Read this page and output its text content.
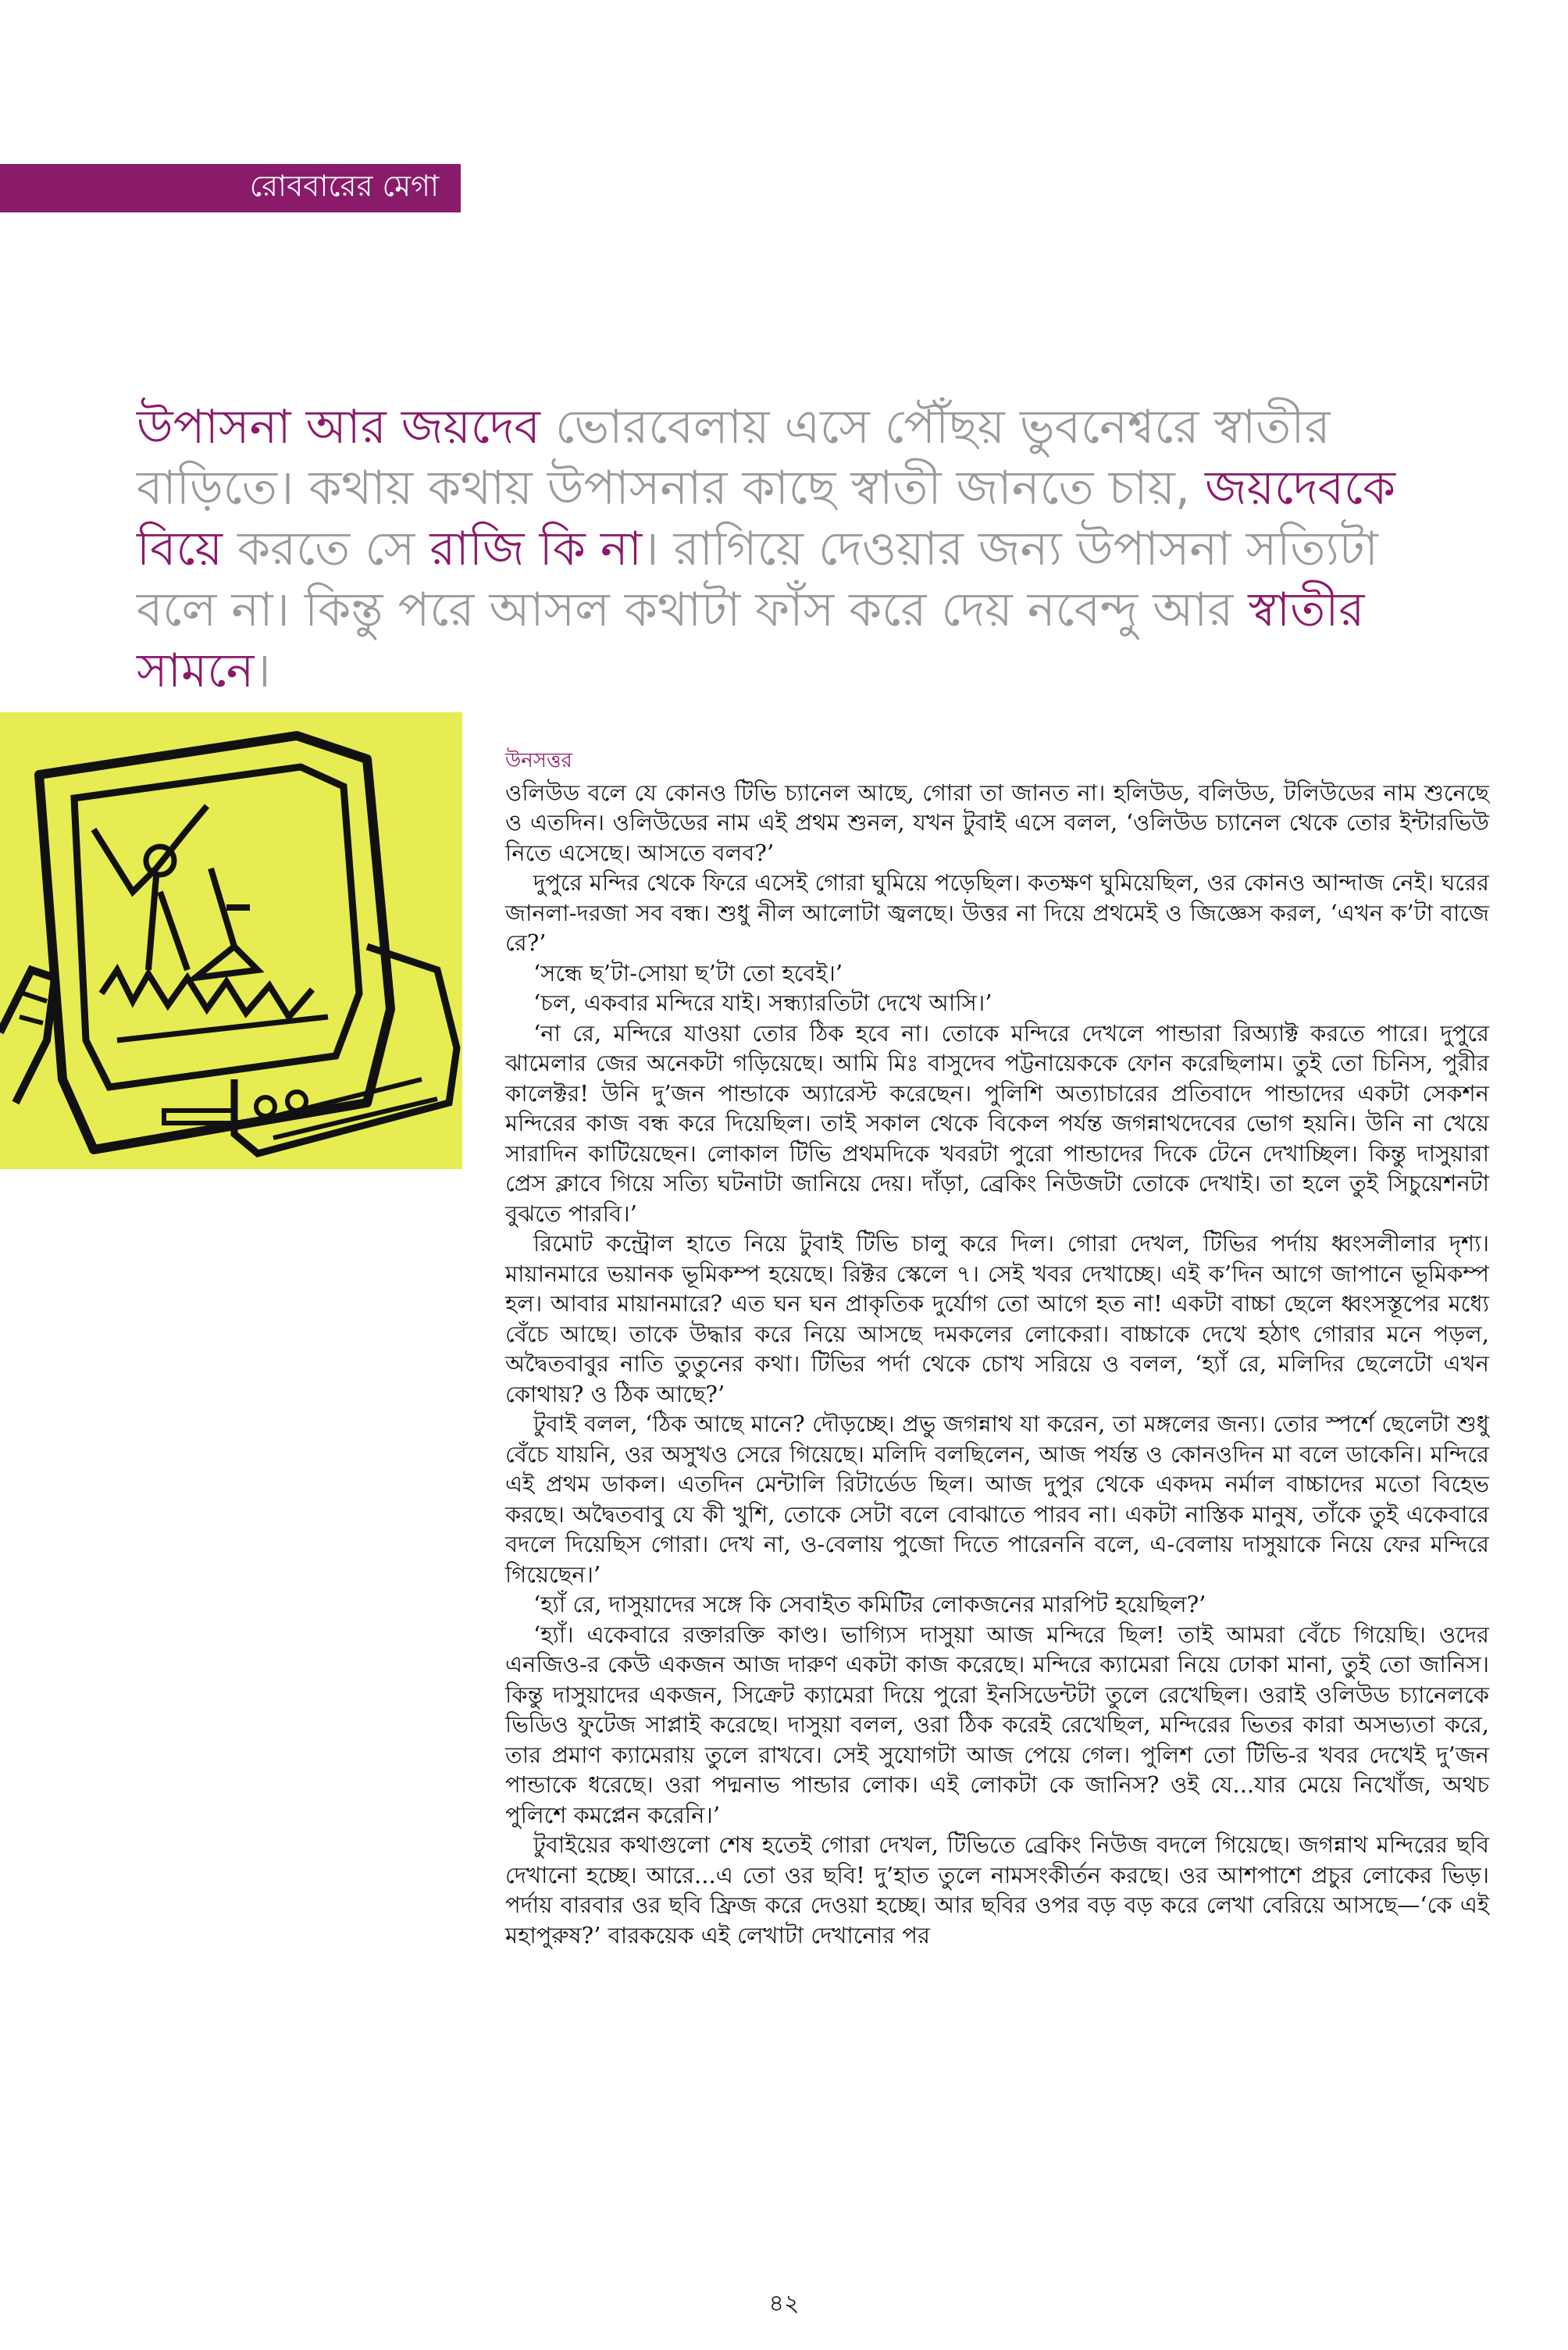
রোববারের মেগা
উপাসনা আর জয়দেব ভোরবেলায় এসে পৌঁছয় ভুবনেশ্বরে স্বাতীর বাড়িতে। কথায় কথায় উপাসনার কাছে স্বাতী জানতে চায়, জয়দেবকে বিয়ে করতে সে রাজি কি না। রাগিয়ে দেওয়ার জন্য উপাসনা সত্যিটা বলে না। কিন্তু পরে আসল কথাটা ফাঁস করে দেয় নবেন্দু আর স্বাতীর সামনে।
উনসত্তর

ওলিউড বলে যে কোনও টিভি চ্যানেল আছে, গোরা তা জানত না। হলিউড, বলিউড, টলিউডের নাম শুনেছে ও এতদিন। ওলিউডের নাম এই প্রথম শুনল, যখন টুবাই এসে বলল, ‘ওলিউড চ্যানেল থেকে তোর ইন্টারভিউ নিতে এসেছে। আসতে বলব?’

দুপুরে মন্দির থেকে ফিরে এসেই গোরা ঘুমিয়ে পড়েছিল। কতক্ষণ ঘুমিয়েছিল, ওর কোনও আন্দাজ নেই। ঘরের জানলা-দরজা সব বন্ধ। শুধু নীল আলোটা জ্বলছে। উত্তর না দিয়ে প্রথমেই ও জিজ্ঞেস করল, ‘এখন ক’টা বাজে রে?’

‘সন্ধে ছ’টা-সোয়া ছ’টা তো হবেই।’

‘চল, একবার মন্দিরে যাই। সন্ধ্যারতিটা দেখে আসি।’

‘না রে, মন্দিরে যাওয়া তোর ঠিক হবে না। তোকে মন্দিরে দেখলে পান্ডারা রিঅ্যাক্ট করতে পারে। দুপুরে ঝামেলার জের অনেকটা গড়িয়েছে। আমি মিঃ বাসুদেব পট্টনায়েককে ফোন করেছিলাম। তুই তো চিনিস, পুরীর কালেক্টর! উনি দু’জন পান্ডাকে অ্যারেস্ট করেছেন। পুলিশি অত্যাচারের প্রতিবাদে পান্ডাদের একটা সেকশন মন্দিরের কাজ বন্ধ করে দিয়েছিল। তাই সকাল থেকে বিকেল পর্যন্ত জগন্নাথদেবের ভোগ হয়নি। উনি না খেয়ে সারাদিন কাটিয়েছেন। লোকাল টিভি প্রথমদিকে খবরটা পুরো পান্ডাদের দিকে টেনে দেখাচ্ছিল। কিন্তু দাসুয়ারা প্রেস ক্লাবে গিয়ে সত্যি ঘটনাটা জানিয়ে দেয়। দাঁড়া, ব্রেকিং নিউজটা তোকে দেখাই। তা হলে তুই সিচুয়েশনটা বুঝতে পারবি।’

রিমোট কন্ট্রোল হাতে নিয়ে টুবাই টিভি চালু করে দিল। গোরা দেখল, টিভির পর্দায় ধ্বংসলীলার দৃশ্য। মায়ানমারে ভয়ানক ভূমিকম্প হয়েছে। রিক্টর স্কেলে ৭। সেই খবর দেখাচ্ছে। এই ক’দিন আগে জাপানে ভূমিকম্প হল। আবার মায়ানমারে? এত ঘন ঘন প্রাকৃতিক দুর্যোগ তো আগে হত না! একটা বাচ্চা ছেলে ধ্বংসস্তূপের মধ্যে বেঁচে আছে। তাকে উদ্ধার করে নিয়ে আসছে দমকলের লোকেরা। বাচ্চাকে দেখে হঠাৎ গোরার মনে পড়ল, অদ্বৈতবাবুর নাতি তুতুনের কথা। টিভির পর্দা থেকে চোখ সরিয়ে ও বলল, ‘হ্যাঁ রে, মলিদির ছেলেটো এখন কোথায়? ও ঠিক আছে?’

টুবাই বলল, ‘ঠিক আছে মানে? দৌড়চ্ছে। প্রভু জগন্নাথ যা করেন, তা মঙ্গলের জন্য। তোর স্পর্শে ছেলেটা শুধু বেঁচে যায়নি, ওর অসুখও সেরে গিয়েছে। মলিদি বলছিলেন, আজ পর্যন্ত ও কোনওদিন মা বলে ডাকেনি। মন্দিরে এই প্রথম ডাকল। এতদিন মেন্টালি রিটার্ডেড ছিল। আজ দুপুর থেকে একদম নর্মাল বাচ্চাদের মতো বিহেভ করছে। অদ্বৈতবাবু যে কী খুশি, তোকে সেটা বলে বোঝাতে পারব না। একটা নাস্তিক মানুষ, তাঁকে তুই একেবারে বদলে দিয়েছিস গোরা। দেখ না, ও-বেলায় পুজো দিতে পারেননি বলে, এ-বেলায় দাসুয়াকে নিয়ে ফের মন্দিরে গিয়েছেন।’

‘হ্যাঁ রে, দাসুয়াদের সঙ্গে কি সেবাইত কমিটির লোকজনের মারপিট হয়েছিল?’

‘হ্যাঁ। একেবারে রক্তারক্তি কাণ্ড। ভাগ্যিস দাসুয়া আজ মন্দিরে ছিল! তাই আমরা বেঁচে গিয়েছি। ওদের এনজিও-র কেউ একজন আজ দারুণ একটা কাজ করেছে। মন্দিরে ক্যামেরা নিয়ে ঢোকা মানা, তুই তো জানিস। কিন্তু দাসুয়াদের একজন, সিক্রেট ক্যামেরা দিয়ে পুরো ইনসিডেন্টটা তুলে রেখেছিল। ওরাই ওলিউড চ্যানেলকে ভিডিও ফুটেজ সাপ্লাই করেছে। দাসুয়া বলল, ওরা ঠিক করেই রেখেছিল, মন্দিরের ভিতর কারা অসভ্যতা করে, তার প্রমাণ ক্যামেরায় তুলে রাখবে। সেই সুযোগটা আজ পেয়ে গেল। পুলিশ তো টিভি-র খবর দেখেই দু’জন পান্ডাকে ধরেছে। ওরা পদ্মনাভ পান্ডার লোক। এই লোকটা কে জানিস? ওই যে...যার মেয়ে নিখোঁজ, অথচ পুলিশে কমপ্লেন করেনি।’

টুবাইয়ের কথাগুলো শেষ হতেই গোরা দেখল, টিভিতে ব্রেকিং নিউজ বদলে গিয়েছে। জগন্নাথ মন্দিরের ছবি দেখানো হচ্ছে। আরে...এ তো ওর ছবি! দু’হাত তুলে নামসংকীর্তন করছে। ওর আশপাশে প্রচুর লোকের ভিড়। পর্দায় বারবার ওর ছবি ফ্রিজ করে দেওয়া হচ্ছে। আর ছবির ওপর বড় বড় করে লেখা বেরিয়ে আসছে—‘কে এই মহাপুরুষ?’ বারকয়েক এই লেখাটা দেখানোর পর

৪২
